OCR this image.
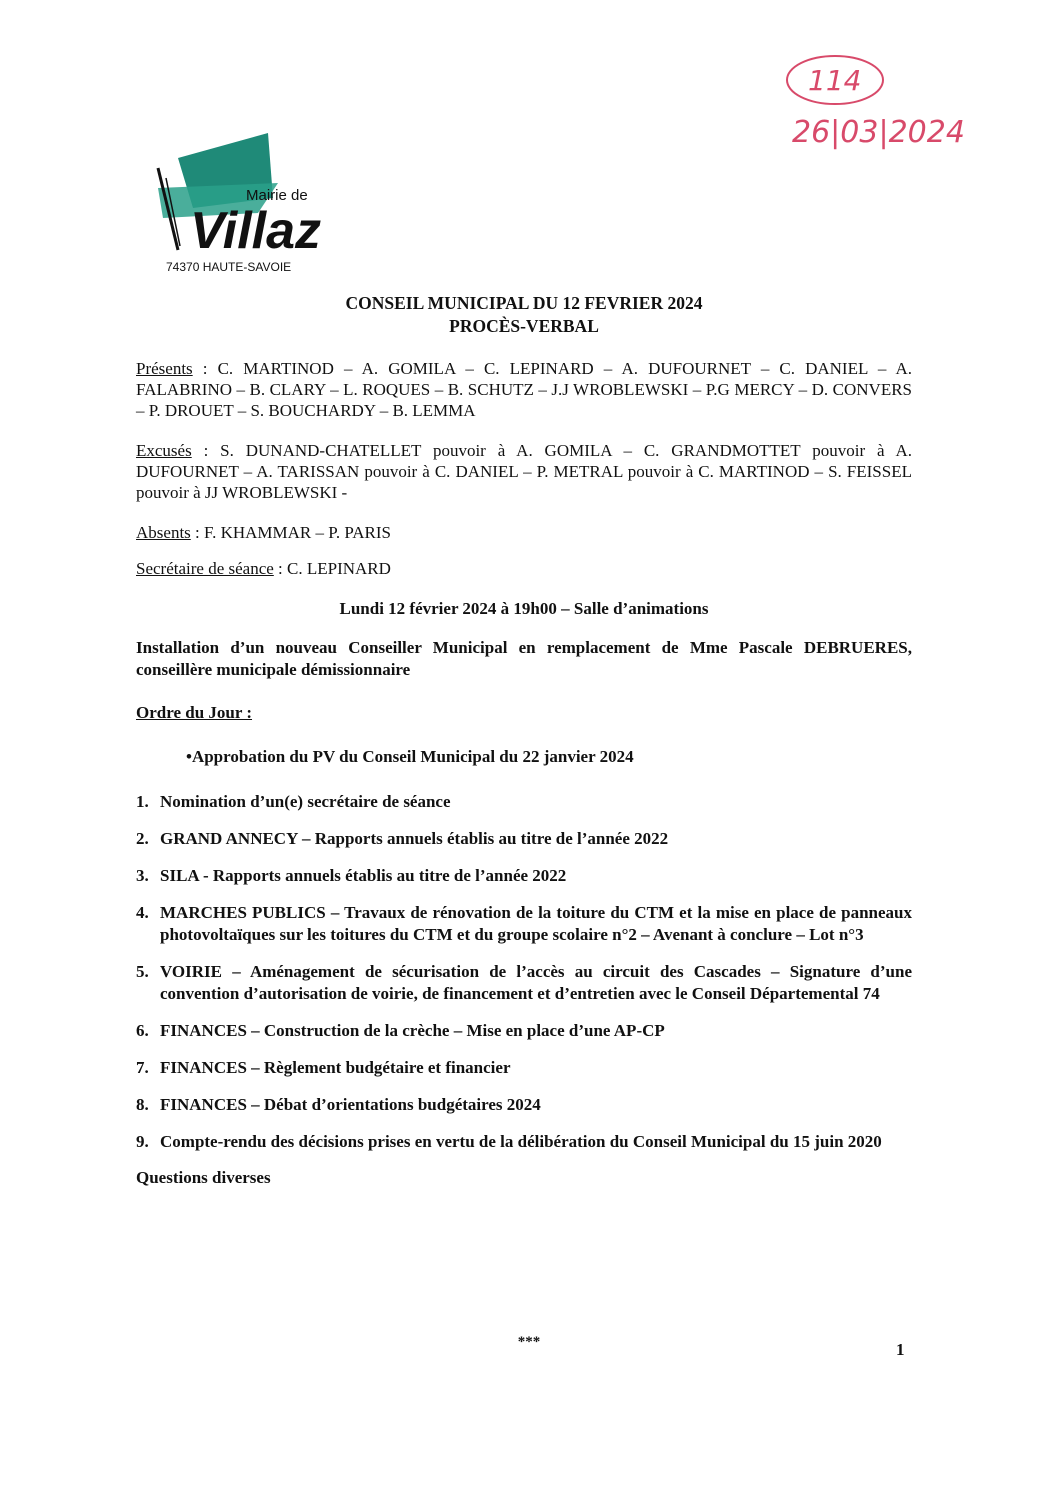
114
26|03|2024
Mairie de
Villaz
74370 HAUTE-SAVOIE
CONSEIL MUNICIPAL DU 12 FEVRIER 2024
PROCÈS-VERBAL

Présents : C. MARTINOD – A. GOMILA – C. LEPINARD – A. DUFOURNET – C. DANIEL – A. FALABRINO – B. CLARY – L. ROQUES – B. SCHUTZ – J.J WROBLEWSKI – P.G MERCY – D. CONVERS – P. DROUET – S. BOUCHARDY – B. LEMMA

Excusés : S. DUNAND-CHATELLET pouvoir à A. GOMILA – C. GRANDMOTTET pouvoir à A. DUFOURNET – A. TARISSAN pouvoir à C. DANIEL – P. METRAL pouvoir à C. MARTINOD – S. FEISSEL pouvoir à JJ WROBLEWSKI -

Absents : F. KHAMMAR – P. PARIS

Secrétaire de séance : C. LEPINARD

Lundi 12 février 2024 à 19h00 – Salle d’animations

Installation d’un nouveau Conseiller Municipal en remplacement de Mme Pascale DEBRUERES, conseillère municipale démissionnaire

Ordre du Jour :

•Approbation du PV du Conseil Municipal du 22 janvier 2024

1. Nomination d’un(e) secrétaire de séance
2. GRAND ANNECY – Rapports annuels établis au titre de l’année 2022
3. SILA - Rapports annuels établis au titre de l’année 2022
4. MARCHES PUBLICS – Travaux de rénovation de la toiture du CTM et la mise en place de panneaux photovoltaïques sur les toitures du CTM et du groupe scolaire n°2 – Avenant à conclure – Lot n°3
5. VOIRIE – Aménagement de sécurisation de l’accès au circuit des Cascades – Signature d’une convention d’autorisation de voirie, de financement et d’entretien avec le Conseil Départemental 74
6. FINANCES – Construction de la crèche – Mise en place d’une AP-CP
7. FINANCES – Règlement budgétaire et financier
8. FINANCES – Débat d’orientations budgétaires 2024
9. Compte-rendu des décisions prises en vertu de la délibération du Conseil Municipal du 15 juin 2020

Questions diverses

***	1
